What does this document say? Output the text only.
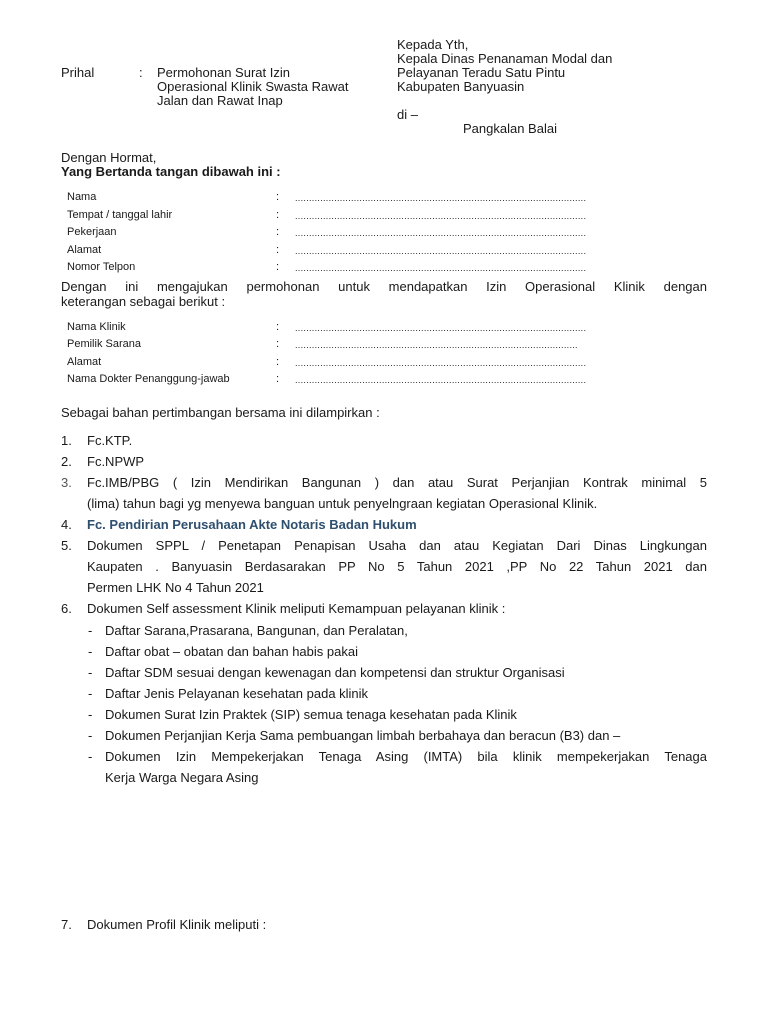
Kepada Yth,
Kepala Dinas Penanaman Modal dan
Pelayanan Teradu Satu Pintu
Kabupaten Banyuasin
di –
Pangkalan Balai
Prihal	: Permohonan Surat Izin
Operasional Klinik Swasta Rawat
Jalan dan Rawat Inap
Dengan Hormat,
Yang Bertanda tangan dibawah ini :
Nama	: ........................................................................................................
Tempat / tanggal lahir	: ........................................................................................................
Pekerjaan	: ........................................................................................................
Alamat	: ........................................................................................................
Nomor Telpon	: ........................................................................................................
Dengan ini mengajukan permohonan untuk mendapatkan Izin Operasional Klinik dengan
keterangan sebagai berikut :
Nama Klinik	: ........................................................................................................
Pemilik Sarana	: .....................................................................................................
Alamat	: ........................................................................................................
Nama Dokter Penanggung-jawab	: ........................................................................................................
Sebagai bahan pertimbangan bersama ini dilampirkan :
1. Fc.KTP.
2. Fc.NPWP
3. Fc.IMB/PBG ( Izin Mendirikan Bangunan ) dan atau Surat Perjanjian Kontrak minimal 5
(lima) tahun bagi yg menyewa banguan untuk penyelngraan kegiatan Operasional Klinik.
4. Fc. Pendirian Perusahaan Akte Notaris Badan Hukum
5. Dokumen SPPL / Penetapan Penapisan Usaha dan atau Kegiatan Dari Dinas Lingkungan
Kaupaten . Banyuasin Berdasarakan PP No 5 Tahun 2021 ,PP No 22 Tahun 2021 dan
Permen LHK No 4 Tahun 2021
6. Dokumen Self assessment Klinik meliputi Kemampuan pelayanan klinik :
- Daftar Sarana,Prasarana, Bangunan, dan Peralatan,
- Daftar obat – obatan dan bahan habis pakai
- Daftar SDM sesuai dengan kewenagan dan kompetensi dan struktur Organisasi
- Daftar Jenis Pelayanan kesehatan pada klinik
- Dokumen Surat Izin Praktek (SIP) semua tenaga kesehatan pada Klinik
- Dokumen Perjanjian Kerja Sama pembuangan limbah berbahaya dan beracun (B3) dan –
- Dokumen Izin Mempekerjakan Tenaga Asing (IMTA) bila klinik mempekerjakan Tenaga
Kerja Warga Negara Asing
7. Dokumen Profil Klinik meliputi :
